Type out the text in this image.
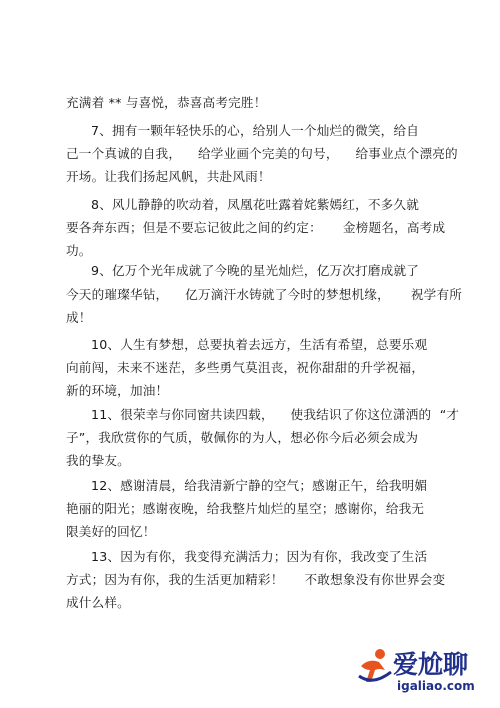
充满着 ** 与喜悦，恭喜高考完胜！
7、拥有一颗年轻快乐的心，给别人一个灿烂的微笑，给自
己一个真诚的自我，    给学业画个完美的句号，    给事业点个漂亮的
开场。让我们扬起风帆，共赴风雨！
8、风儿静静的吹动着，凤凰花吐露着姹紫嫣红，不多久就
要各奔东西；但是不要忘记彼此之间的约定：     金榜题名，高考成
功。
9、亿万个光年成就了今晚的星光灿烂，亿万次打磨成就了
今天的璀璨华钻，    亿万滴汗水铸就了今时的梦想机缘，     祝学有所
成！
10、人生有梦想，总要执着去远方，生活有希望，总要乐观
向前闯，未来不迷茫，多些勇气莫沮丧，祝你甜甜的升学祝福，
新的环境，加油！
11、很荣幸与你同窗共读四载，    使我结识了你这位潇洒的  “才
子”，我欣赏你的气质，敬佩你的为人，想必你今后必须会成为
我的挚友。
12、感谢清晨，给我清新宁静的空气；感谢正午，给我明媚
艳丽的阳光；感谢夜晚，给我整片灿烂的星空；感谢你，给我无
限美好的回忆！
13、因为有你，我变得充满活力；因为有你，我改变了生活
方式；因为有你，我的生活更加精彩！     不敢想象没有你世界会变
成什么样。
爱尬聊
igaliao.com
